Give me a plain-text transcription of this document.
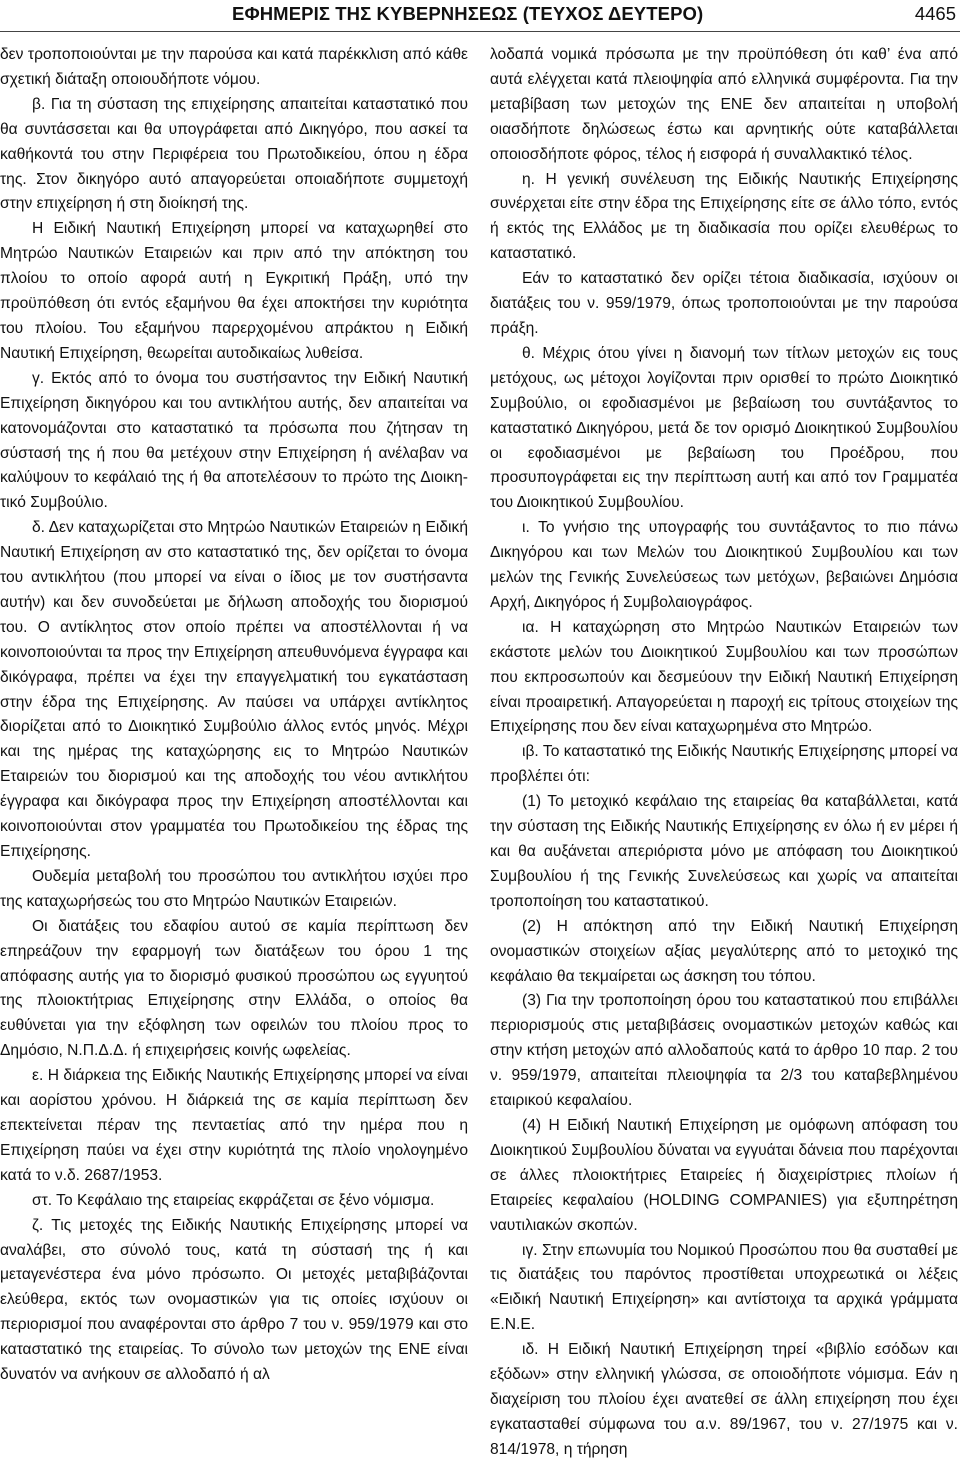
ΕΦΗΜΕΡΙΣ ΤΗΣ ΚΥΒΕΡΝΗΣΕΩΣ (ΤΕΥΧΟΣ ΔΕΥΤΕΡΟ)	4465

δεν τροποποιούνται με την παρούσα και κατά παρέκκλιση από κάθε σχετική διάταξη οποιουδήποτε νόμου.

β. Για τη σύσταση της επιχείρησης απαιτείται καταστατικό που θα συντάσσεται και θα υπογράφεται από Δικηγόρο, που ασκεί τα καθήκοντά του στην Περιφέρεια του Πρωτοδικείου, όπου η έδρα της. Στον δικηγόρο αυτό απαγορεύεται οποιαδήποτε συμμετοχή στην επιχείρηση ή στη διοίκησή της.

Η Ειδική Ναυτική Επιχείρηση μπορεί να καταχωρηθεί στο Μητρώο Ναυτικών Εταιρειών και πριν από την απόκτηση του πλοίου το οποίο αφορά αυτή η Εγκριτική Πράξη, υπό την προϋπόθεση ότι εντός εξαμήνου θα έχει αποκτήσει την κυριότητα του πλοίου. Του εξαμήνου παρερχομένου απράκτου η Ειδική Ναυτική Επιχείρηση, θεωρείται αυτοδικαίως λυθείσα.

γ. Εκτός από το όνομα του συστήσαντος την Ειδική Ναυτική Επιχείρηση δικηγόρου και του αντικλήτου αυτής, δεν απαιτείται να κατονομάζονται στο καταστατικό τα πρόσωπα που ζήτησαν τη σύστασή της ή που θα μετέχουν στην Επιχείρηση ή ανέλαβαν να καλύψουν το κεφάλαιό της ή θα αποτελέσουν το πρώτο της Διοικητικό Συμβούλιο.

δ. Δεν καταχωρίζεται στο Μητρώο Ναυτικών Εταιρειών η Ειδική Ναυτική Επιχείρηση αν στο καταστατικό της, δεν ορίζεται το όνομα του αντικλήτου (που μπορεί να είναι ο ίδιος με τον συστήσαντα αυτήν) και δεν συνοδεύεται με δήλωση αποδοχής του διορισμού του. Ο αντίκλητος στον οποίο πρέπει να αποστέλλονται ή να κοινοποιούνται τα προς την Επιχείρηση απευθυνόμενα έγγραφα και δικόγραφα, πρέπει να έχει την επαγγελματική του εγκατάσταση στην έδρα της Επιχείρησης. Αν παύσει να υπάρχει αντίκλητος διορίζεται από το Διοικητικό Συμβούλιο άλλος εντός μηνός. Μέχρι και της ημέρας της καταχώρησης εις το Μητρώο Ναυτικών Εταιρειών του διορισμού και της αποδοχής του νέου αντικλήτου έγγραφα και δικόγραφα προς την Επιχείρηση αποστέλλονται και κοινοποιούνται στον γραμματέα του Πρωτοδικείου της έδρας της Επιχείρησης.

Ουδεμία μεταβολή του προσώπου του αντικλήτου ισχύει προ της καταχωρήσεώς του στο Μητρώο Ναυτικών Εταιρειών.

Οι διατάξεις του εδαφίου αυτού σε καμία περίπτωση δεν επηρεάζουν την εφαρμογή των διατάξεων του όρου 1 της απόφασης αυτής για το διορισμό φυσικού προσώπου ως εγγυητού της πλοιοκτήτριας Επιχείρησης στην Ελλάδα, ο οποίος θα ευθύνεται για την εξόφληση των οφειλών του πλοίου προς το Δημόσιο, Ν.Π.Δ.Δ. ή επιχειρήσεις κοινής ωφελείας.

ε. Η διάρκεια της Ειδικής Ναυτικής Επιχείρησης μπορεί να είναι και αορίστου χρόνου. Η διάρκειά της σε καμία περίπτωση δεν επεκτείνεται πέραν της πενταετίας από την ημέρα που η Επιχείρηση παύει να έχει στην κυριότητά της πλοίο νηολογημένο κατά το ν.δ. 2687/1953.

στ. Το Κεφάλαιο της εταιρείας εκφράζεται σε ξένο νόμισμα.

ζ. Τις μετοχές της Ειδικής Ναυτικής Επιχείρησης μπορεί να αναλάβει, στο σύνολό τους, κατά τη σύστασή της ή και μεταγενέστερα ένα μόνο πρόσωπο. Οι μετοχές μεταβιβάζονται ελεύθερα, εκτός των ονομαστικών για τις οποίες ισχύουν οι περιορισμοί που αναφέρονται στο άρθρο 7 του ν. 959/1979 και στο καταστατικό της εταιρείας. Το σύνολο των μετοχών της ΕΝΕ είναι δυνατόν να ανήκουν σε αλλοδαπό ή αλ

λοδαπά νομικά πρόσωπα με την προϋπόθεση ότι καθ’ ένα από αυτά ελέγχεται κατά πλειοψηφία από ελληνικά συμφέροντα. Για την μεταβίβαση των μετοχών της ΕΝΕ δεν απαιτείται η υποβολή οιασδήποτε δηλώσεως έστω και αρνητικής ούτε καταβάλλεται οποιοσδήποτε φόρος, τέλος ή εισφορά ή συναλλακτικό τέλος.

η. Η γενική συνέλευση της Ειδικής Ναυτικής Επιχείρησης συνέρχεται είτε στην έδρα της Επιχείρησης είτε σε άλλο τόπο, εντός ή εκτός της Ελλάδος με τη διαδικασία που ορίζει ελευθέρως το καταστατικό.

Εάν το καταστατικό δεν ορίζει τέτοια διαδικασία, ισχύουν οι διατάξεις του ν. 959/1979, όπως τροποποιούνται με την παρούσα πράξη.

θ. Μέχρις ότου γίνει η διανομή των τίτλων μετοχών εις τους μετόχους, ως μέτοχοι λογίζονται πριν ορισθεί το πρώτο Διοικητικό Συμβούλιο, οι εφοδιασμένοι με βεβαίωση του συντάξαντος το καταστατικό Δικηγόρου, μετά δε τον ορισμό Διοικητικού Συμβουλίου οι εφοδιασμένοι με βεβαίωση του Προέδρου, που προσυπογράφεται εις την περίπτωση αυτή και από τον Γραμματέα του Διοικητικού Συμβουλίου.

ι. Το γνήσιο της υπογραφής του συντάξαντος το πιο πάνω Δικηγόρου και των Μελών του Διοικητικού Συμβουλίου και των μελών της Γενικής Συνελεύσεως των μετόχων, βεβαιώνει Δημόσια Αρχή, Δικηγόρος ή Συμβολαιογράφος.

ια. Η καταχώρηση στο Μητρώο Ναυτικών Εταιρειών των εκάστοτε μελών του Διοικητικού Συμβουλίου και των προσώπων που εκπροσωπούν και δεσμεύουν την Ειδική Ναυτική Επιχείρηση είναι προαιρετική. Απαγορεύεται η παροχή εις τρίτους στοιχείων της Επιχείρησης που δεν είναι καταχωρημένα στο Μητρώο.

ιβ. Το καταστατικό της Ειδικής Ναυτικής Επιχείρησης μπορεί να προβλέπει ότι:

(1) Το μετοχικό κεφάλαιο της εταιρείας θα καταβάλλεται, κατά την σύσταση της Ειδικής Ναυτικής Επιχείρησης εν όλω ή εν μέρει ή και θα αυξάνεται απεριόριστα μόνο με απόφαση του Διοικητικού Συμβουλίου ή της Γενικής Συνελεύσεως και χωρίς να απαιτείται τροποποίηση του καταστατικού.

(2) Η απόκτηση από την Ειδική Ναυτική Επιχείρηση ονομαστικών στοιχείων αξίας μεγαλύτερης από το μετοχικό της κεφάλαιο θα τεκμαίρεται ως άσκηση του τόπου.

(3) Για την τροποποίηση όρου του καταστατικού που επιβάλλει περιορισμούς στις μεταβιβάσεις ονομαστικών μετοχών καθώς και στην κτήση μετοχών από αλλοδαπούς κατά το άρθρο 10 παρ. 2 του ν. 959/1979, απαιτείται πλειοψηφία τα 2/3 του καταβεβλημένου εταιρικού κεφαλαίου.

(4) Η Ειδική Ναυτική Επιχείρηση με ομόφωνη απόφαση του Διοικητικού Συμβουλίου δύναται να εγγυάται δάνεια που παρέχονται σε άλλες πλοιοκτήτριες Εταιρείες ή διαχειρίστριες πλοίων ή Εταιρείες κεφαλαίου (HOLDING COMPANIES) για εξυπηρέτηση ναυτιλιακών σκοπών.

ιγ. Στην επωνυμία του Νομικού Προσώπου που θα συσταθεί με τις διατάξεις του παρόντος προστίθεται υποχρεωτικά οι λέξεις «Ειδική Ναυτική Επιχείρηση» και αντίστοιχα τα αρχικά γράμματα Ε.Ν.Ε.

ιδ. Η Ειδική Ναυτική Επιχείρηση τηρεί «βιβλίο εσόδων και εξόδων» στην ελληνική γλώσσα, σε οποιοδήποτε νόμισμα. Εάν η διαχείριση του πλοίου έχει ανατεθεί σε άλλη επιχείρηση που έχει εγκατασταθεί σύμφωνα του α.ν. 89/1967, του ν. 27/1975 και ν. 814/1978, η τήρηση
